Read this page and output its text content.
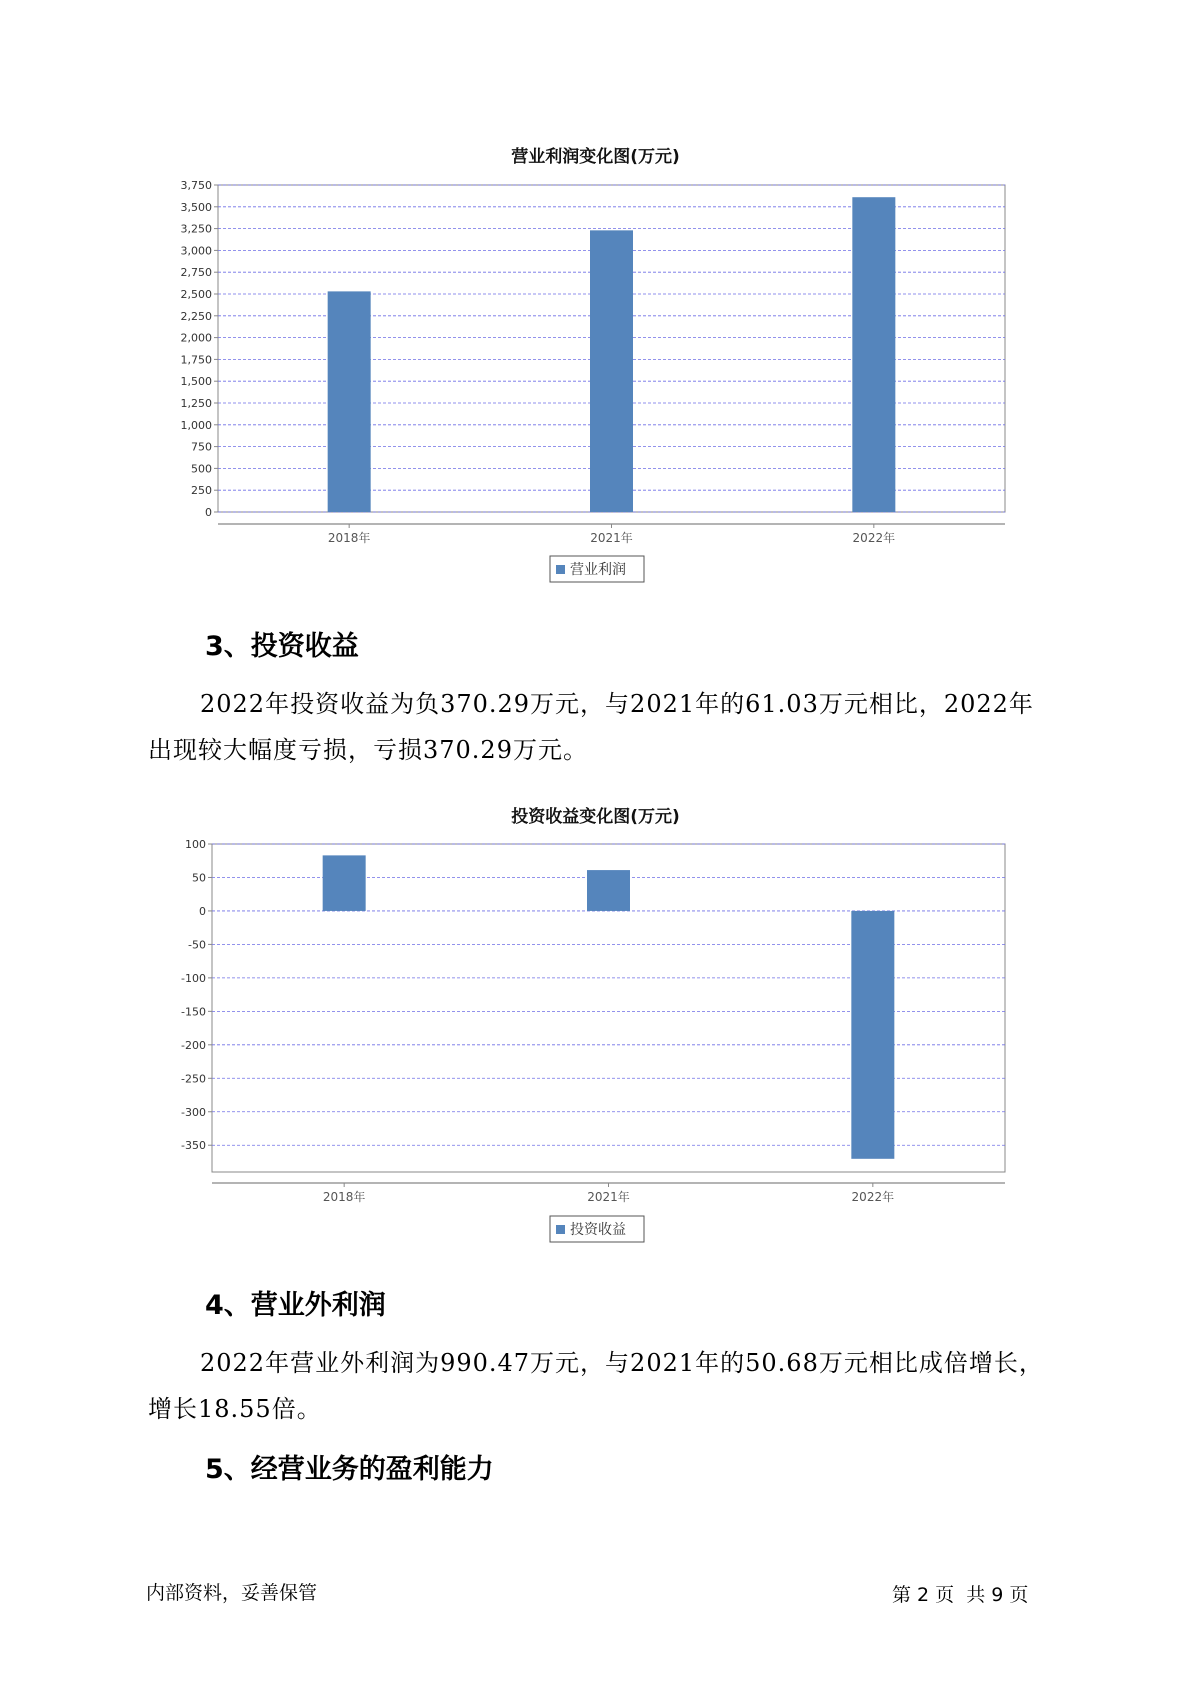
营业利润变化图(万元)
0
250
500
750
1,000
1,250
1,500
1,750
2,000
2,250
2,500
2,750
3,000
3,250
3,500
3,750
2018年	2021年	2022年
营业利润
3、投资收益
2022年投资收益为负370.29万元，与2021年的61.03万元相比，2022年
出现较大幅度亏损，亏损370.29万元。
投资收益变化图(万元)
100
50
0
-50
-100
-150
-200
-250
-300
-350
2018年	2021年	2022年
投资收益
4、营业外利润
2022年营业外利润为990.47万元，与2021年的50.68万元相比成倍增长，
增长18.55倍。
5、经营业务的盈利能力
内部资料，妥善保管	第 2 页  共 9 页
